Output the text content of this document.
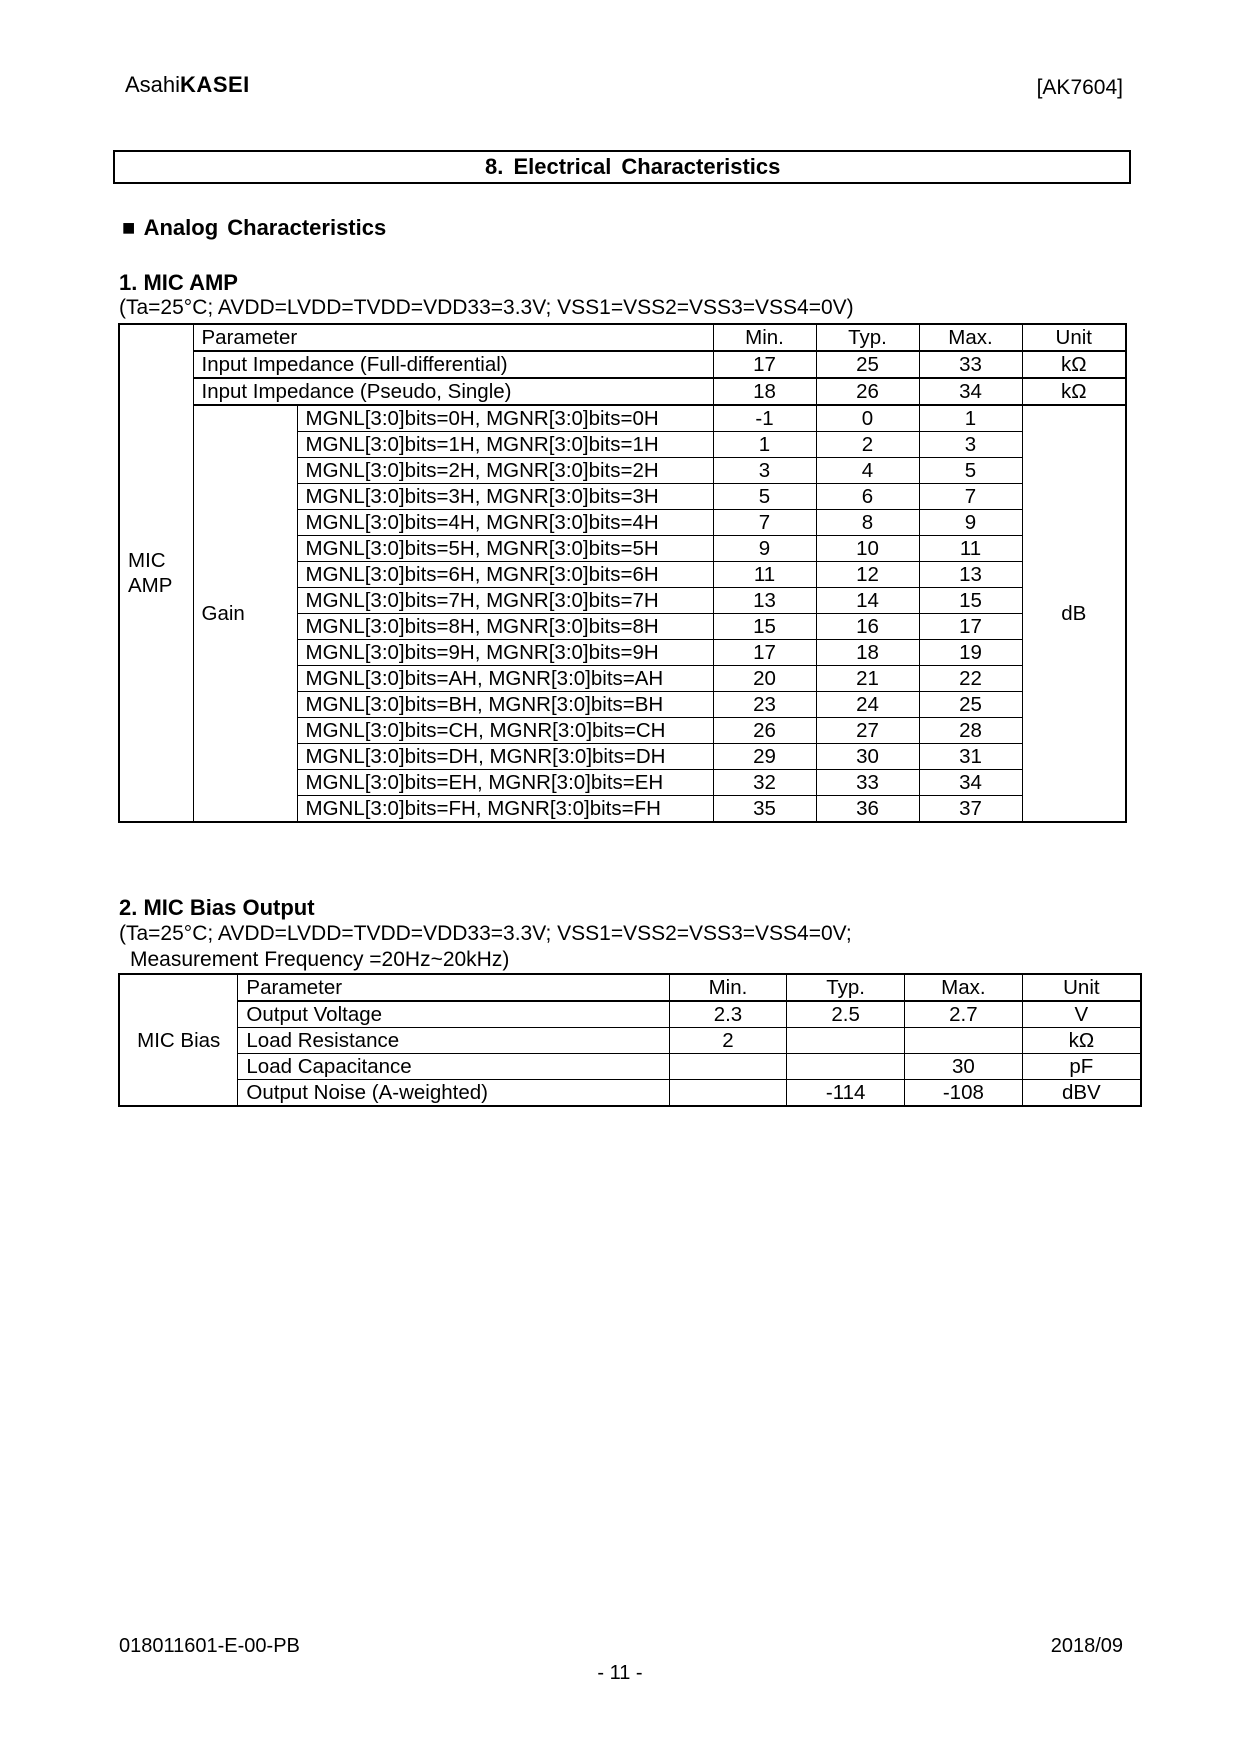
AsahiKASEI	[AK7604]
8. Electrical Characteristics
■ Analog Characteristics
1. MIC AMP
(Ta=25°C; AVDD=LVDD=TVDD=VDD33=3.3V; VSS1=VSS2=VSS3=VSS4=0V)
MIC
AMP	Parameter		Min.	Typ.	Max.	Unit
	Input Impedance (Full-differential)		17	25	33	kΩ
	Input Impedance (Pseudo, Single)		18	26	34	kΩ
	Gain	MGNL[3:0]bits=0H, MGNR[3:0]bits=0H	-1	0	1	dB
		MGNL[3:0]bits=1H, MGNR[3:0]bits=1H	1	2	3	
		MGNL[3:0]bits=2H, MGNR[3:0]bits=2H	3	4	5	
		MGNL[3:0]bits=3H, MGNR[3:0]bits=3H	5	6	7	
		MGNL[3:0]bits=4H, MGNR[3:0]bits=4H	7	8	9	
		MGNL[3:0]bits=5H, MGNR[3:0]bits=5H	9	10	11	
		MGNL[3:0]bits=6H, MGNR[3:0]bits=6H	11	12	13	
		MGNL[3:0]bits=7H, MGNR[3:0]bits=7H	13	14	15	
		MGNL[3:0]bits=8H, MGNR[3:0]bits=8H	15	16	17	
		MGNL[3:0]bits=9H, MGNR[3:0]bits=9H	17	18	19	
		MGNL[3:0]bits=AH, MGNR[3:0]bits=AH	20	21	22	
		MGNL[3:0]bits=BH, MGNR[3:0]bits=BH	23	24	25	
		MGNL[3:0]bits=CH, MGNR[3:0]bits=CH	26	27	28	
		MGNL[3:0]bits=DH, MGNR[3:0]bits=DH	29	30	31	
		MGNL[3:0]bits=EH, MGNR[3:0]bits=EH	32	33	34	
		MGNL[3:0]bits=FH, MGNR[3:0]bits=FH	35	36	37	
2. MIC Bias Output
(Ta=25°C; AVDD=LVDD=TVDD=VDD33=3.3V; VSS1=VSS2=VSS3=VSS4=0V;
Measurement Frequency =20Hz~20kHz)
MIC Bias	Parameter	Min.	Typ.	Max.	Unit
	Output Voltage	2.3	2.5	2.7	V
	Load Resistance	2			kΩ
	Load Capacitance			30	pF
	Output Noise (A-weighted)		-114	-108	dBV
018011601-E-00-PB
- 11 -
2018/09
